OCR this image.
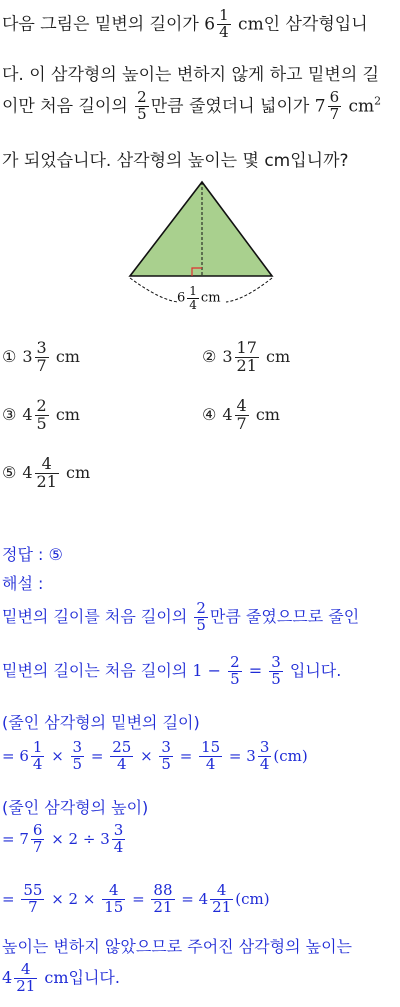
다음 그림은 밑변의 길이가 $6 \frac{1}{4}$ cm인 삼각형입니
다. 이 삼각형의 높이는 변하지 않게 하고 밑변의 길
이만 처음 길이의 $\frac{2}{5}$ 만큼 줄였더니 넓이가 $7 \frac{6}{7} cm^2$
가 되었습니다. 삼각형의 높이는 몇 cm입니까?
$6 \frac{1}{4}$ cm
① $3 \frac{3}{7}$ cm	② $3 \frac{17}{21}$ cm
③ $4 \frac{2}{5}$ cm	④ $4 \frac{4}{7}$ cm
⑤ $4 \frac{4}{21}$ cm
정답 : ⑤
해설 :
밑변의 길이를 처음 길이의 $\frac{2}{5}$ 만큼 줄였으므로 줄인
밑변의 길이는 처음 길이의 $1 - \frac{2}{5} = \frac{3}{5}$ 입니다.
(줄인 삼각형의 밑변의 길이)
= $6 \frac{1}{4} \times \frac{3}{5} = \frac{25}{4} \times \frac{3}{5} = \frac{15}{4} = 3 \frac{3}{4} (cm)$
(줄인 삼각형의 높이)
= $7 \frac{6}{7} \times 2 \div 3 \frac{3}{4}$
= $\frac{55}{7} \times 2 \times \frac{4}{15} = \frac{88}{21} = 4 \frac{4}{21} (cm)$
높이는 변하지 않았으므로 주어진 삼각형의 높이는
$4 \frac{4}{21}$ cm입니다.
